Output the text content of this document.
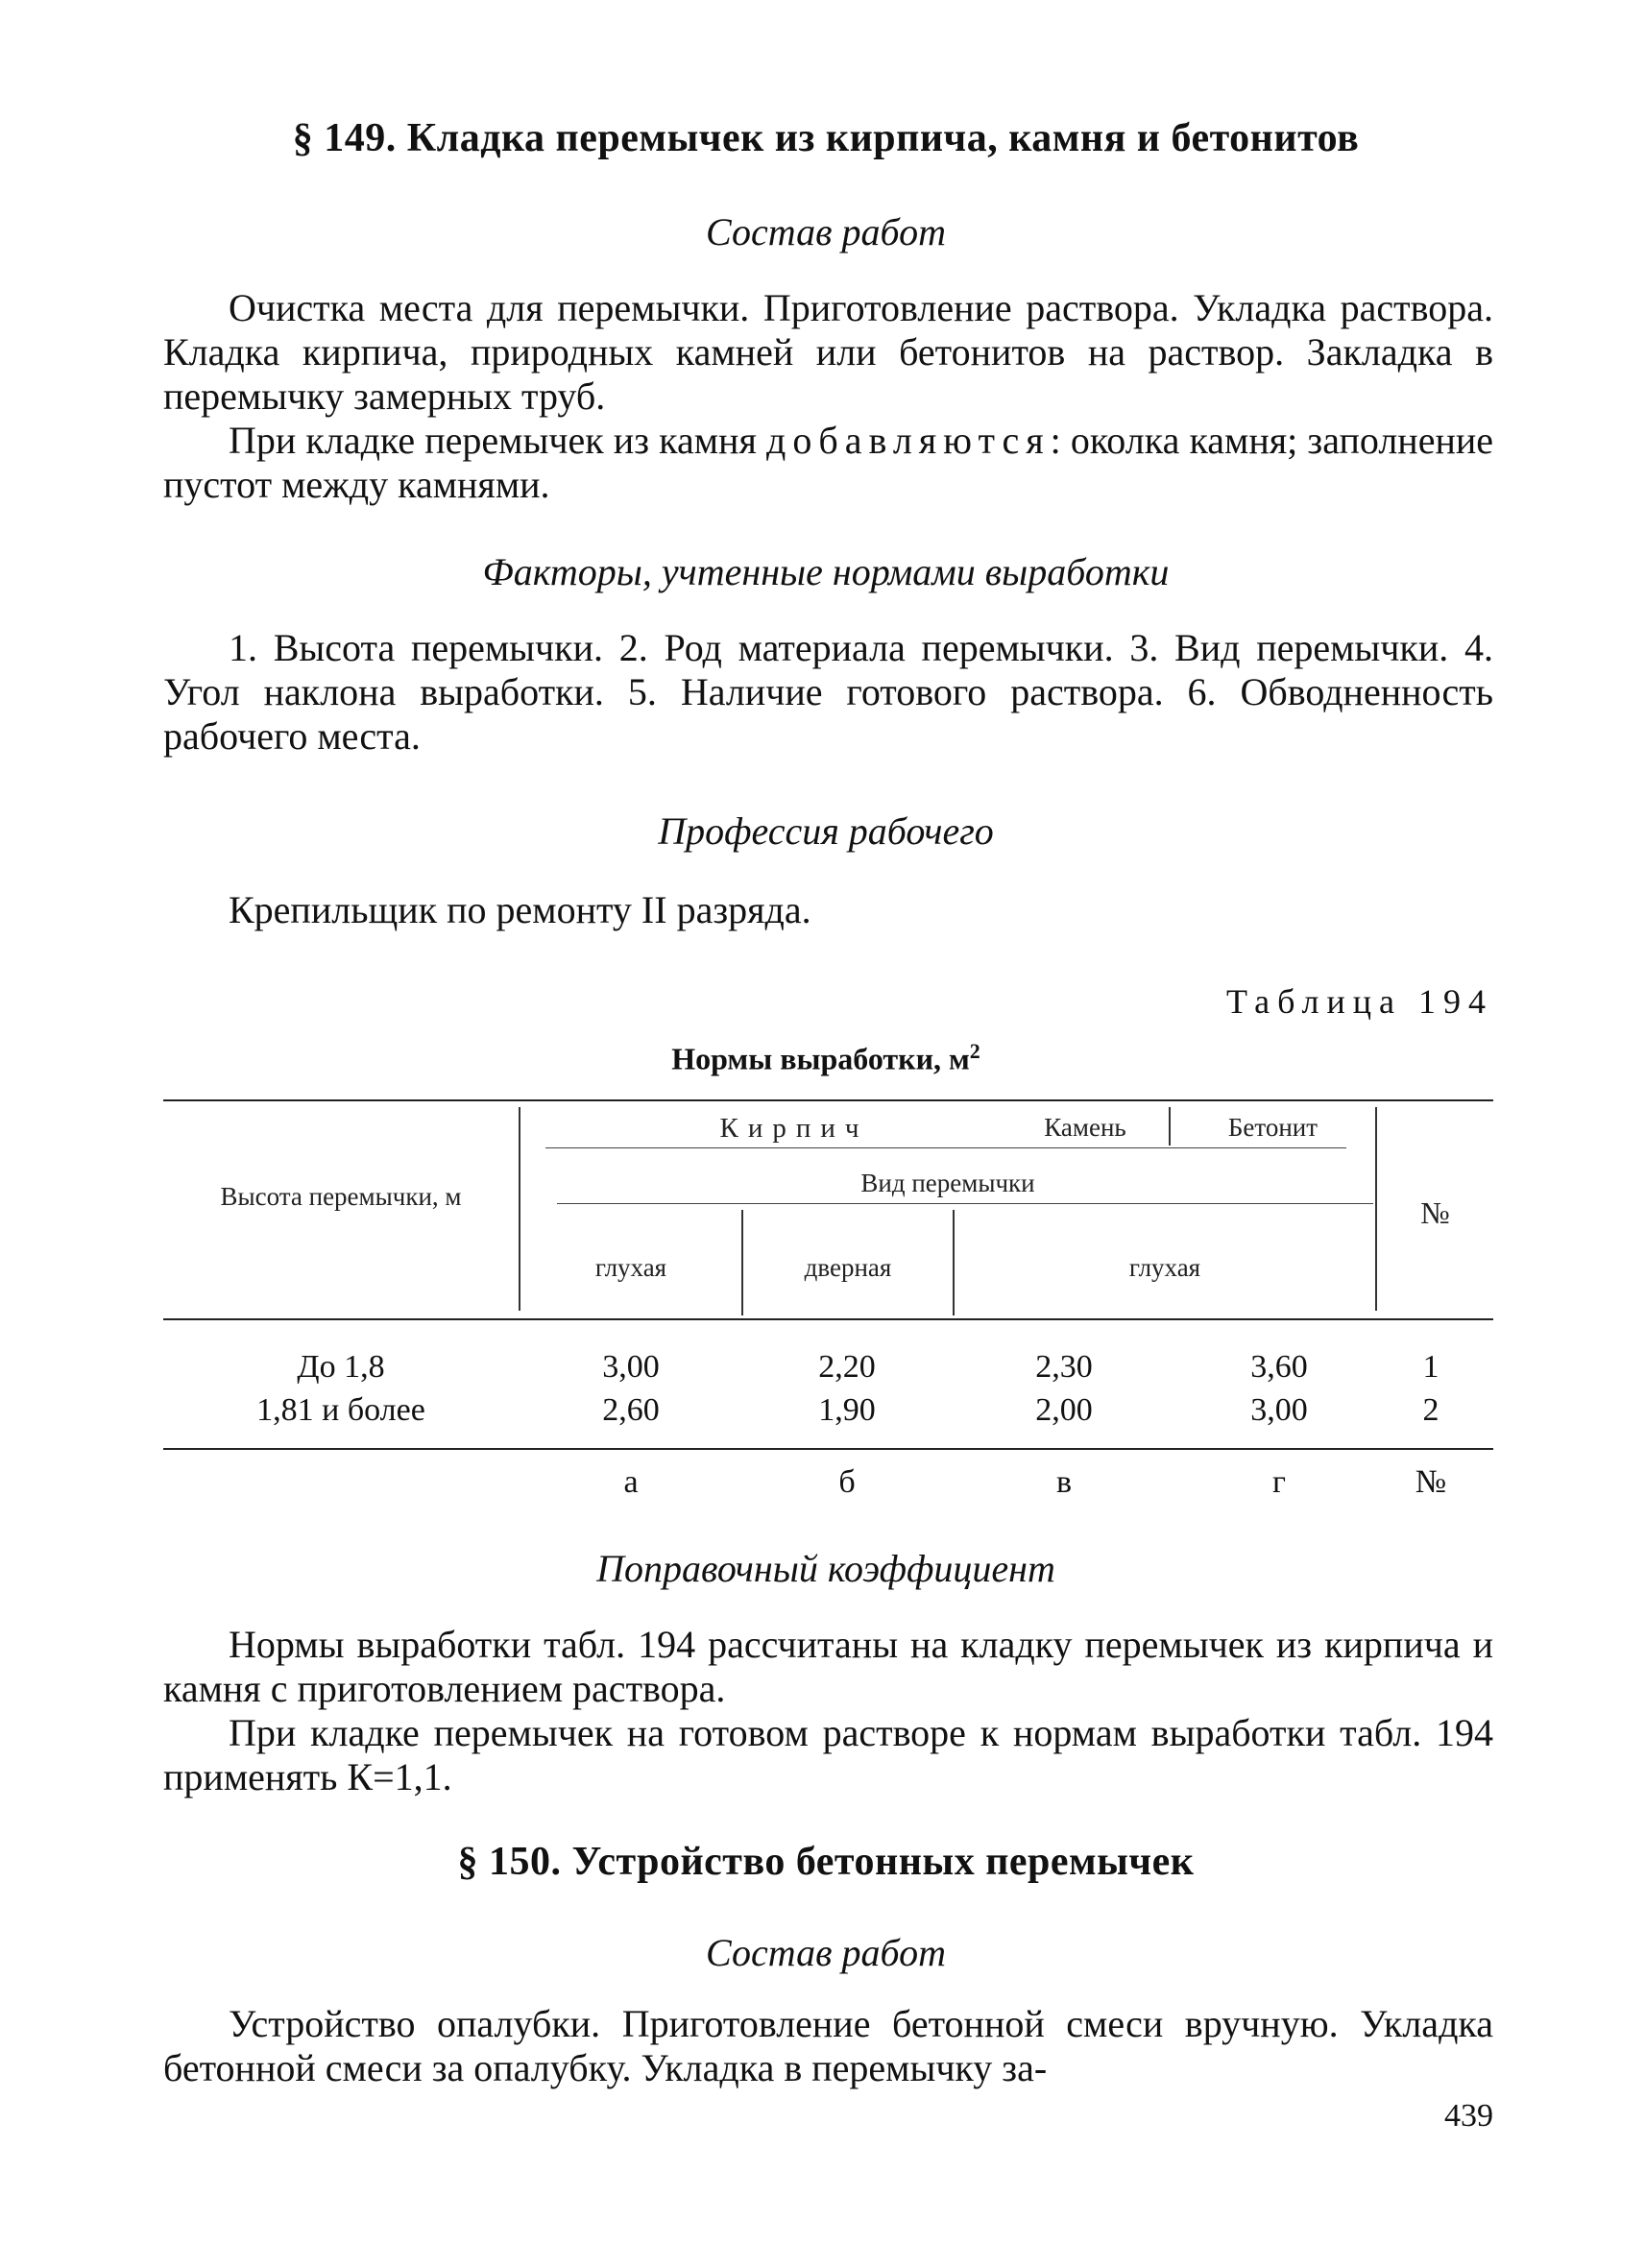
§ 149. Кладка перемычек из кирпича, камня и бетонитов
Состав работ

Очистка места для перемычки. Приготовление раствора. Укладка раствора. Кладка кирпича, природных камней или бетонитов на раствор. Закладка в перемычку замерных труб.

При кладке перемычек из камня добавляются: околка камня; заполнение пустот между камнями.

Факторы, учтенные нормами выработки

1. Высота перемычки. 2. Род материала перемычки. 3. Вид перемычки. 4. Угол наклона выработки. 5. Наличие готового раствора. 6. Обводненность рабочего места.

Профессия рабочего

Крепильщик по ремонту II разряда.

Таблица 194
Нормы выработки, $м^2$
Высота перемычки, м
Кирпич	Камень	Бетонит
Вид перемычки
глухая	дверная	глухая
№
До 1,8	3,00	2,20	2,30	3,60	1
1,81 и более	2,60	1,90	2,00	3,00	2
а	б	в	г	№
Поправочный коэффициент

Нормы выработки табл. 194 рассчитаны на кладку перемычек из кирпича и камня с приготовлением раствора.

При кладке перемычек на готовом растворе к нормам выработки табл. 194 применять К=1,1.

§ 150. Устройство бетонных перемычек
Состав работ

Устройство опалубки. Приготовление бетонной смеси вручную. Укладка бетонной смеси за опалубку. Укладка в перемычку за-

439
